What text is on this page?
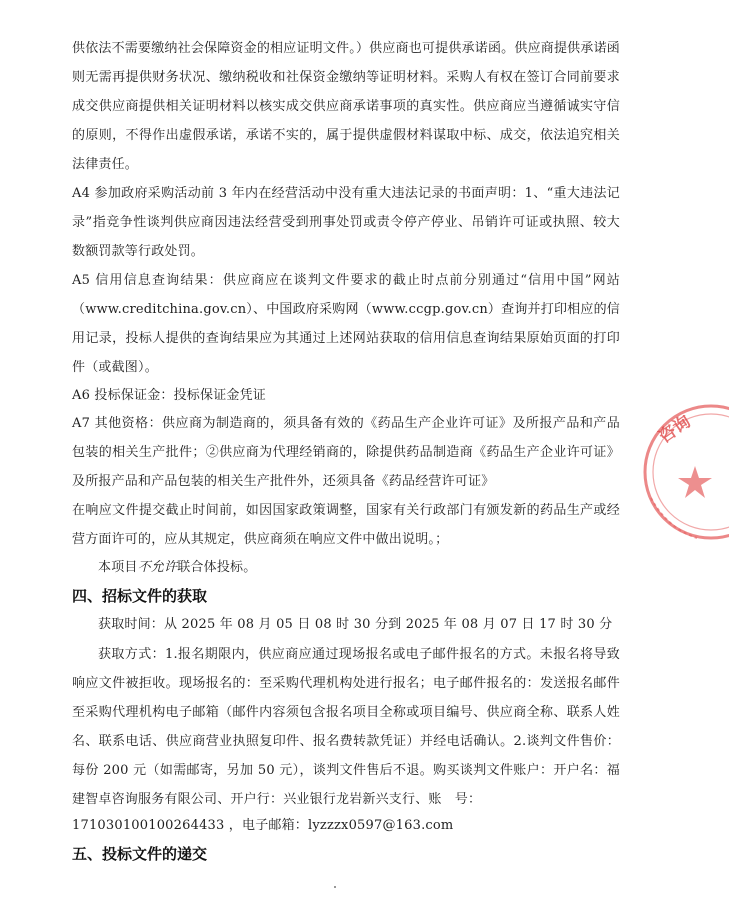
供依法不需要缴纳社会保障资金的相应证明文件。）供应商也可提供承诺函。供应商提供承诺函则无需再提供财务状况、缴纳税收和社保资金缴纳等证明材料。采购人有权在签订合同前要求成交供应商提供相关证明材料以核实成交供应商承诺事项的真实性。供应商应当遵循诚实守信的原则，不得作出虚假承诺，承诺不实的，属于提供虚假材料谋取中标、成交，依法追究相关法律责任。

A4 参加政府采购活动前 3 年内在经营活动中没有重大违法记录的书面声明：1、“重大违法记录”指竞争性谈判供应商因违法经营受到刑事处罚或责令停产停业、吊销许可证或执照、较大数额罚款等行政处罚。

A5 信用信息查询结果：供应商应在谈判文件要求的截止时点前分别通过“信用中国”网站（www.creditchina.gov.cn）、中国政府采购网（www.ccgp.gov.cn）查询并打印相应的信用记录，投标人提供的查询结果应为其通过上述网站获取的信用信息查询结果原始页面的打印件（或截图）。

A6 投标保证金：投标保证金凭证

A7 其他资格：供应商为制造商的，须具备有效的《药品生产企业许可证》及所报产品和产品包装的相关生产批件；②供应商为代理经销商的，除提供药品制造商《药品生产企业许可证》及所报产品和产品包装的相关生产批件外，还须具备《药品经营许可证》

在响应文件提交截止时间前，如因国家政策调整，国家有关行政部门有颁发新的药品生产或经营方面许可的，应从其规定，供应商须在响应文件中做出说明。；

本项目不允许联合体投标。

四、招标文件的获取

获取时间：从 2025 年 08 月 05 日 08 时 30 分到 2025 年 08 月 07 日 17 时 30 分

获取方式：1.报名期限内，供应商应通过现场报名或电子邮件报名的方式。未报名将导致响应文件被拒收。现场报名的：至采购代理机构处进行报名；电子邮件报名的：发送报名邮件至采购代理机构电子邮箱（邮件内容须包含报名项目全称或项目编号、供应商全称、联系人姓名、联系电话、供应商营业执照复印件、报名费转款凭证）并经电话确认。2.谈判文件售价：每份 200 元（如需邮寄，另加 50 元），谈判文件售后不退。购买谈判文件账户：开户名：福建智卓咨询服务有限公司、开户行：兴业银行龙岩新兴支行、账　号：

171030100100264433 ，电子邮箱：lyzzzx0597@163.com

五、投标文件的递交
咨询
